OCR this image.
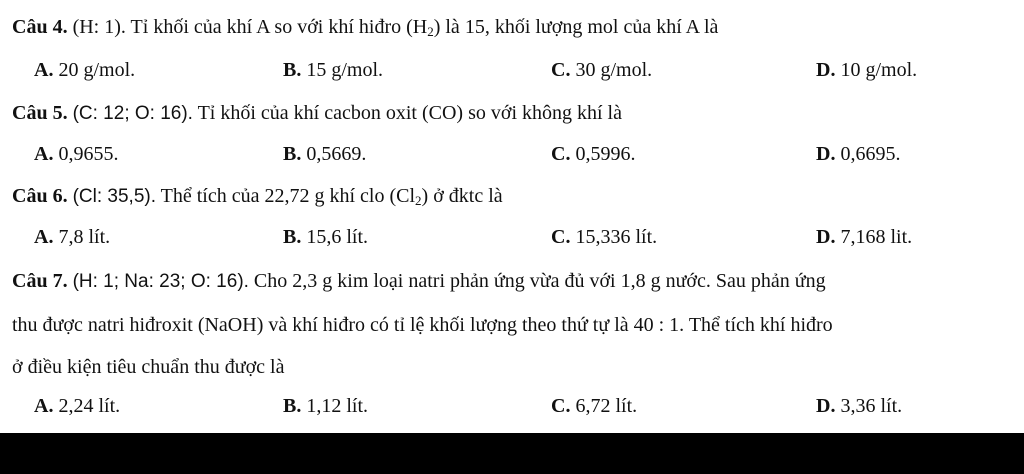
Câu 4. (H: 1). Tỉ khối của khí A so với khí hiđro $(H_2)$ là 15, khối lượng mol của khí A là
A. 20 g/mol.	B. 15 g/mol.	C. 30 g/mol.	D. 10 g/mol.
Câu 5. (C: 12; O: 16). Tỉ khối của khí cacbon oxit (CO) so với không khí là
A. 0,9655.	B. 0,5669.	C. 0,5996.	D. 0,6695.
Câu 6. (Cl: 35,5). Thể tích của 22,72 g khí clo $(Cl_2)$ ở đktc là
A. 7,8 lít.	B. 15,6 lít.	C. 15,336 lít.	D. 7,168 lit.
Câu 7. (H: 1; Na: 23; O: 16). Cho 2,3 g kim loại natri phản ứng vừa đủ với 1,8 g nước. Sau phản ứng
thu được natri hiđroxit (NaOH) và khí hiđro có tỉ lệ khối lượng theo thứ tự là 40 : 1. Thể tích khí hiđro
ở điều kiện tiêu chuẩn thu được là
A. 2,24 lít.	B. 1,12 lít.	C. 6,72 lít.	D. 3,36 lít.
